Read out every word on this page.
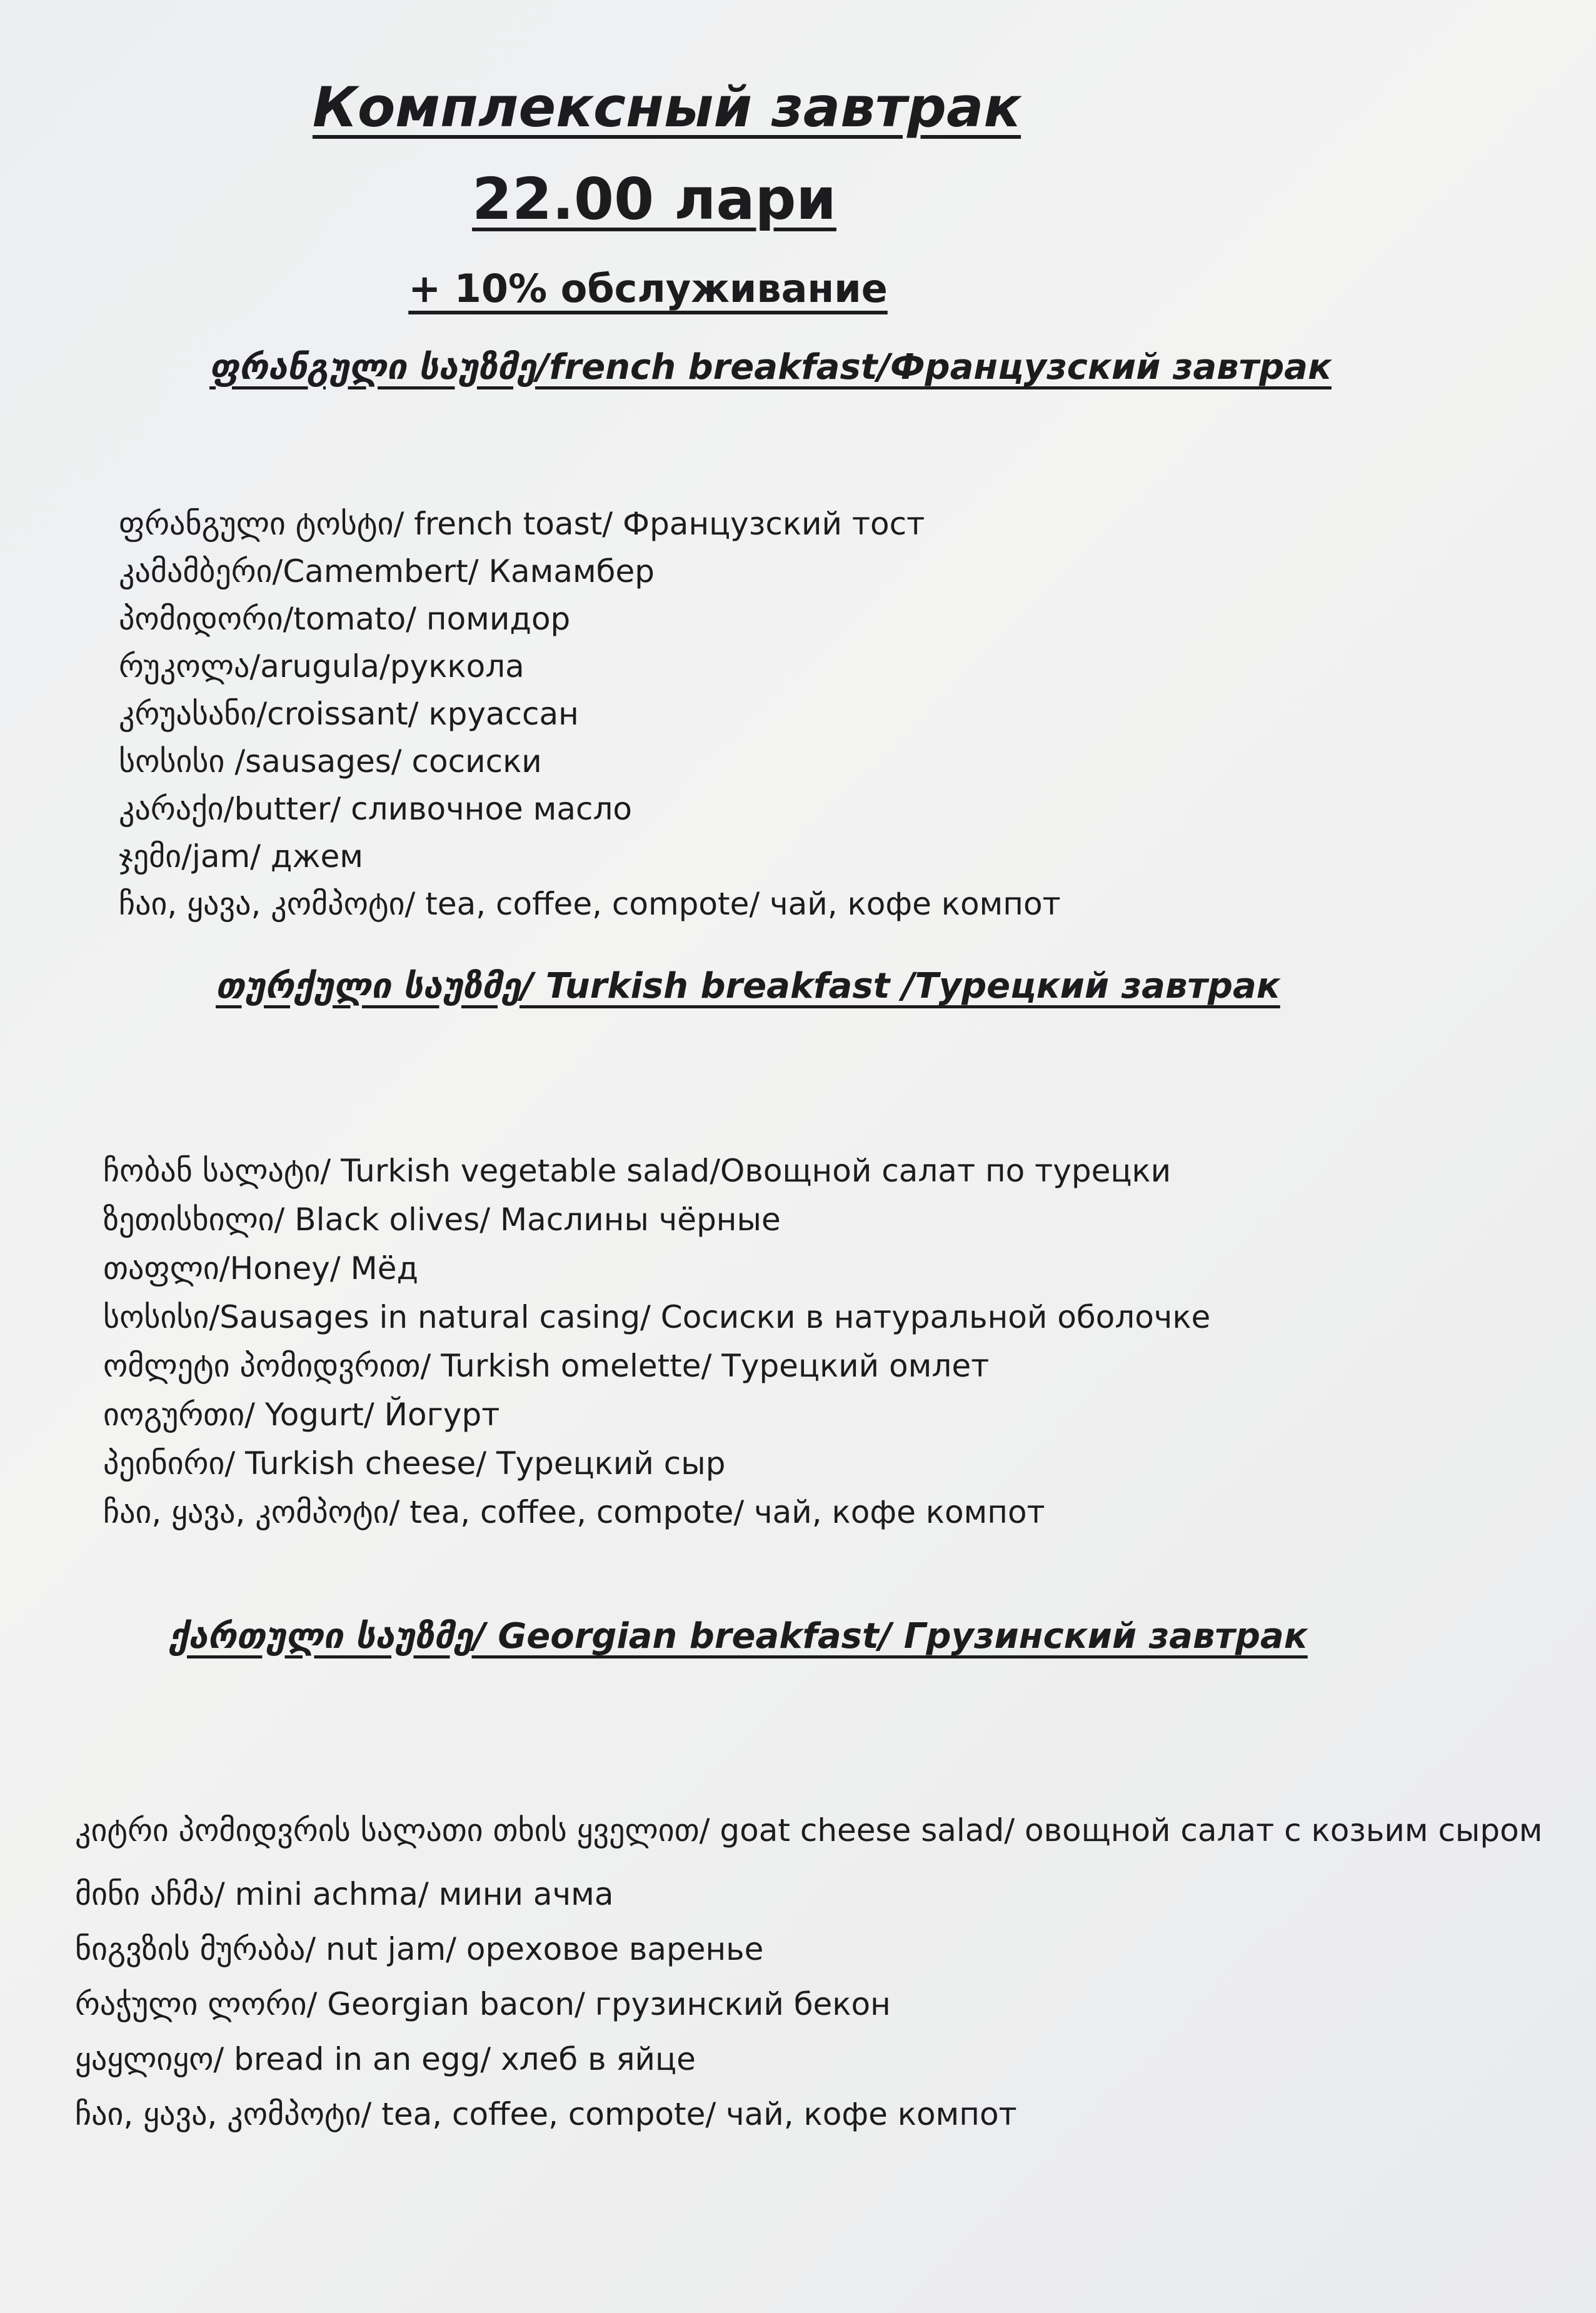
Комплексный завтрак
22.00 лари
+ 10% обслуживание
ფრანგული საუზმე/french breakfast/Французский завтрак
ფრანგული ტოსტი/ french toast/ Французский тост
კამამბერი/Camembert/ Камамбер
პომიდორი/tomato/ помидор
რუკოლა/arugula/руккола
კრუასანი/croissant/ круассан
სოსისი /sausages/ сосиски
კარაქი/butter/ сливочное масло
ჯემი/jam/ джем
ჩაი, ყავა, კომპოტი/ tea, coffee, compote/ чай, кофе компот
თურქული საუზმე/ Turkish breakfast /Турецкий завтрак
ჩობან სალატი/ Turkish vegetable salad/Овощной салат по турецки
ზეთისხილი/ Black olives/ Маслины чёрные
თაფლი/Honey/ Мёд
სოსისი/Sausages in natural casing/ Сосиски в натуральной оболочке
ომლეტი პომიდვრით/ Turkish omelette/ Турецкий омлет
იოგურთი/ Yogurt/ Йогурт
პეინირი/ Turkish cheese/ Турецкий сыр
ჩაი, ყავა, კომპოტი/ tea, coffee, compote/ чай, кофе компот
ქართული საუზმე/ Georgian breakfast/ Грузинский завтрак
კიტრი პომიდვრის სალათი თხის ყველით/ goat cheese salad/ овощной салат с козьим сыром
მინი აჩმა/ mini achma/ мини ачма
ნიგვზის მურაბა/ nut jam/ ореховое варенье
რაჭული ლორი/ Georgian bacon/ грузинский бекон
ყაყლიყო/ bread in an egg/ хлеб в яйце
ჩაი, ყავა, კომპოტი/ tea, coffee, compote/ чай, кофе компот
